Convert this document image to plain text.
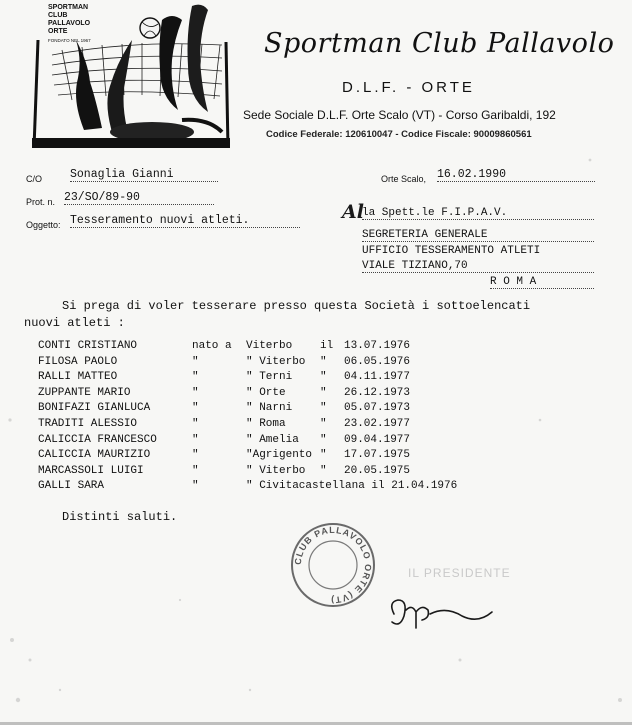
SPORTMAN
CLUB
PALLAVOLO
ORTE
FONDATO NEL 1967	Sportman Club Pallavolo
D.L.F. - ORTE
Sede Sociale D.L.F. Orte Scalo (VT) - Corso Garibaldi, 192
Codice Federale: 120610047 - Codice Fiscale: 90009860561
C/O Sonaglia Gianni	Orte Scalo, 16.02.1990
Prot. n. 23/SO/89-90
Oggetto: Tesseramento nuovi atleti.	Al
la Spett.le F.I.P.A.V.
SEGRETERIA GENERALE
UFFICIO TESSERAMENTO ATLETI
VIALE TIZIANO,70
R O M A
Si prega di voler tesserare presso questa Società i sottoelencati
nuovi atleti :
CONTI CRISTIANO	nato a Viterbo	il 13.07.1976
FILOSA PAOLO	"	" Viterbo " 06.05.1976
RALLI MATTEO	"	" Terni	" 04.11.1977
ZUPPANTE MARIO	"	" Orte	" 26.12.1973
BONIFAZI GIANLUCA	"	" Narni	" 05.07.1973
TRADITI ALESSIO	"	" Roma	" 23.02.1977
CALICCIA FRANCESCO	"	" Amelia " 09.04.1977
CALICCIA MAURIZIO	"	"Agrigento " 17.07.1975
MARCASSOLI LUIGI	"	" Viterbo " 20.05.1975
GALLI SARA	"	" Civitacastellana il 21.04.1976
Distinti saluti.
CLUB PALLAVOLO ORTE (VT)
IL PRESIDENTE
